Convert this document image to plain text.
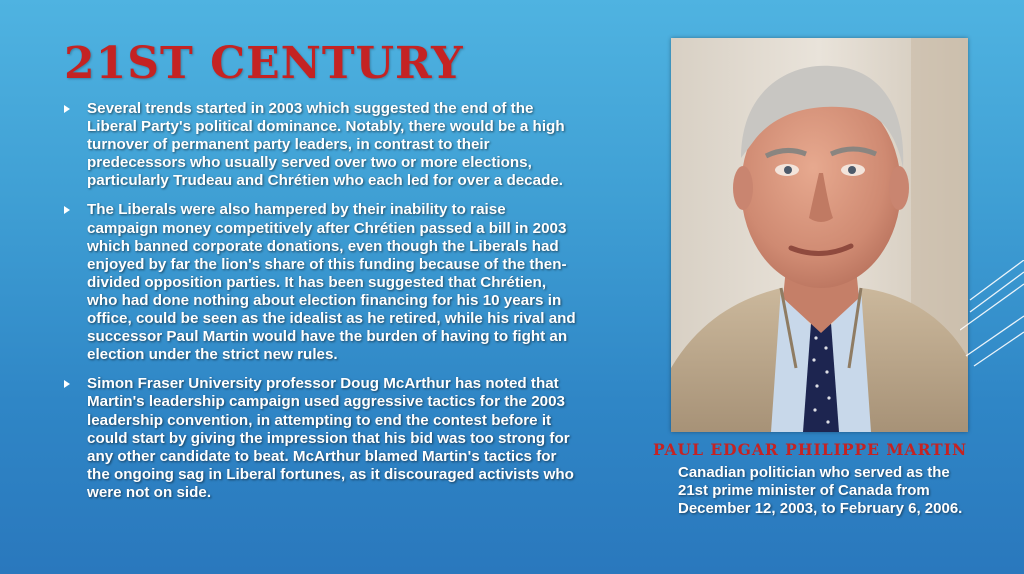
21ST CENTURY
Several trends started in 2003 which suggested the end of the Liberal Party's political dominance. Notably, there would be a high turnover of permanent party leaders, in contrast to their predecessors who usually served over two or more elections, particularly Trudeau and Chrétien who each led for over a decade.
The Liberals were also hampered by their inability to raise campaign money competitively after Chrétien passed a bill in 2003 which banned corporate donations, even though the Liberals had enjoyed by far the lion's share of this funding because of the then-divided opposition parties. It has been suggested that Chrétien, who had done nothing about election financing for his 10 years in office, could be seen as the idealist as he retired, while his rival and successor Paul Martin would have the burden of having to fight an election under the strict new rules.
Simon Fraser University professor Doug McArthur has noted that Martin's leadership campaign used aggressive tactics for the 2003 leadership convention, in attempting to end the contest before it could start by giving the impression that his bid was too strong for any other candidate to beat. McArthur blamed Martin's tactics for the ongoing sag in Liberal fortunes, as it discouraged activists who were not on side.
PAUL EDGAR PHILIPPE MARTIN
Canadian politician who served as the 21st prime minister of Canada from December 12, 2003, to February 6, 2006.
